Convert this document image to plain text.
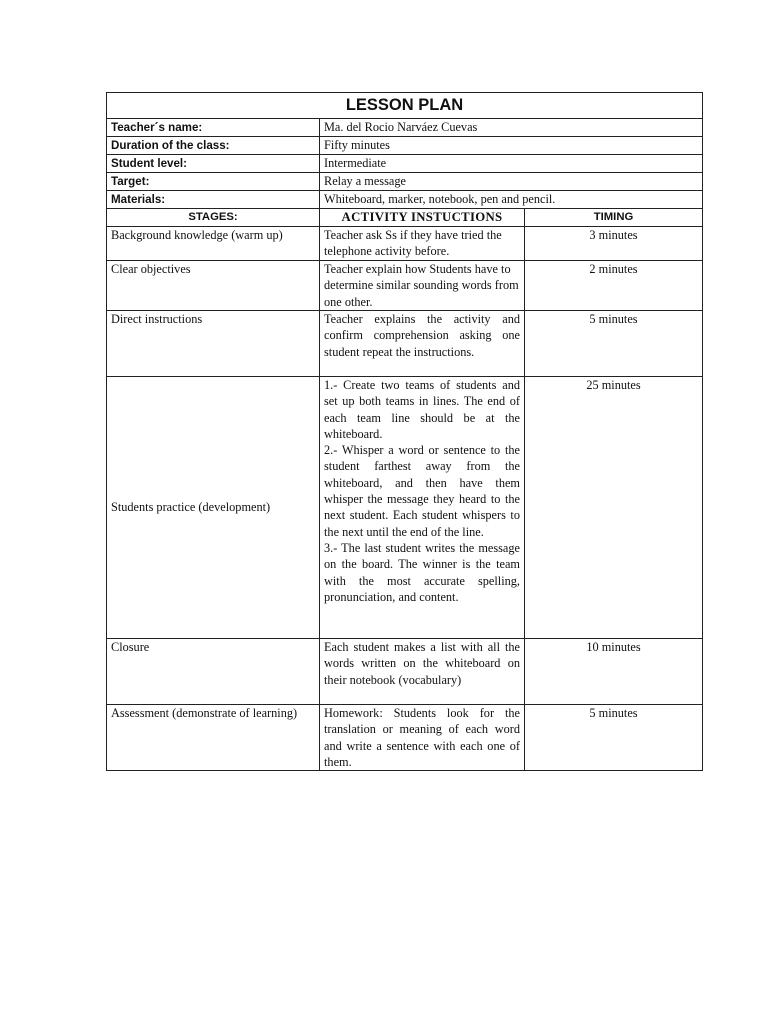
LESSON PLAN		
Teacher´s name:	Ma. del Rocio Narváez Cuevas	
Duration of the class:	Fifty minutes	
Student level:	Intermediate	
Target:	Relay a message	
Materials:	Whiteboard, marker, notebook, pen and pencil.	
STAGES:	ACTIVITY INSTUCTIONS	TIMING
Background knowledge (warm up)	Teacher ask Ss if they have tried the telephone activity before.	3 minutes
Clear objectives	Teacher explain how Students have to determine similar sounding words from one other.	2 minutes
Direct instructions	Teacher explains the activity and confirm comprehension asking one student repeat the instructions.	5 minutes
Students practice (development)	1.- Create two teams of students and set up both teams in lines. The end of each team line should be at the whiteboard.
2.- Whisper a word or sentence to the student farthest away from the whiteboard, and then have them whisper the message they heard to the next student. Each student whispers to the next until the end of the line.
3.- The last student writes the message on the board. The winner is the team with the most accurate spelling, pronunciation, and content.	25 minutes
Closure	Each student makes a list with all the words written on the whiteboard on their notebook (vocabulary)	10 minutes
Assessment (demonstrate of learning)	Homework: Students look for the translation or meaning of each word and write a sentence with each one of them.	5 minutes
